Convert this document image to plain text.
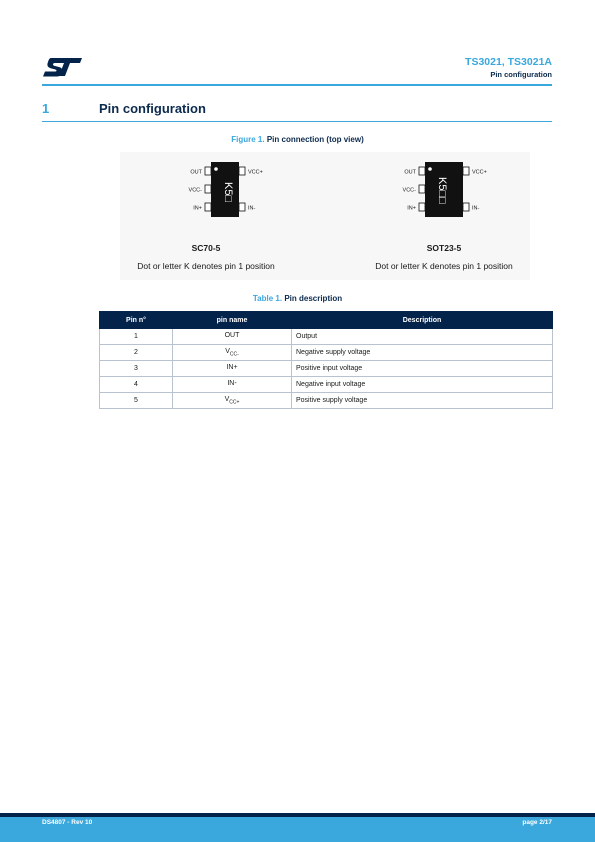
TS3021, TS3021A
Pin configuration
1	Pin configuration
Figure 1. Pin connection (top view)
K5□
OUT
VCC-
IN+
VCC+
IN-
K5□□
OUT
VCC-
IN+
VCC+
IN-
SC70-5
Dot or letter K denotes pin 1 position
SOT23-5
Dot or letter K denotes pin 1 position
Table 1. Pin description
Pin n°	pin name	Description
1	OUT	Output
2	$V_{CC-}$	Negative supply voltage
3	IN+	Positive input voltage
4	IN-	Negative input voltage
5	$V_{CC+}$	Positive supply voltage
DS4807 - Rev 10	page 2/17
